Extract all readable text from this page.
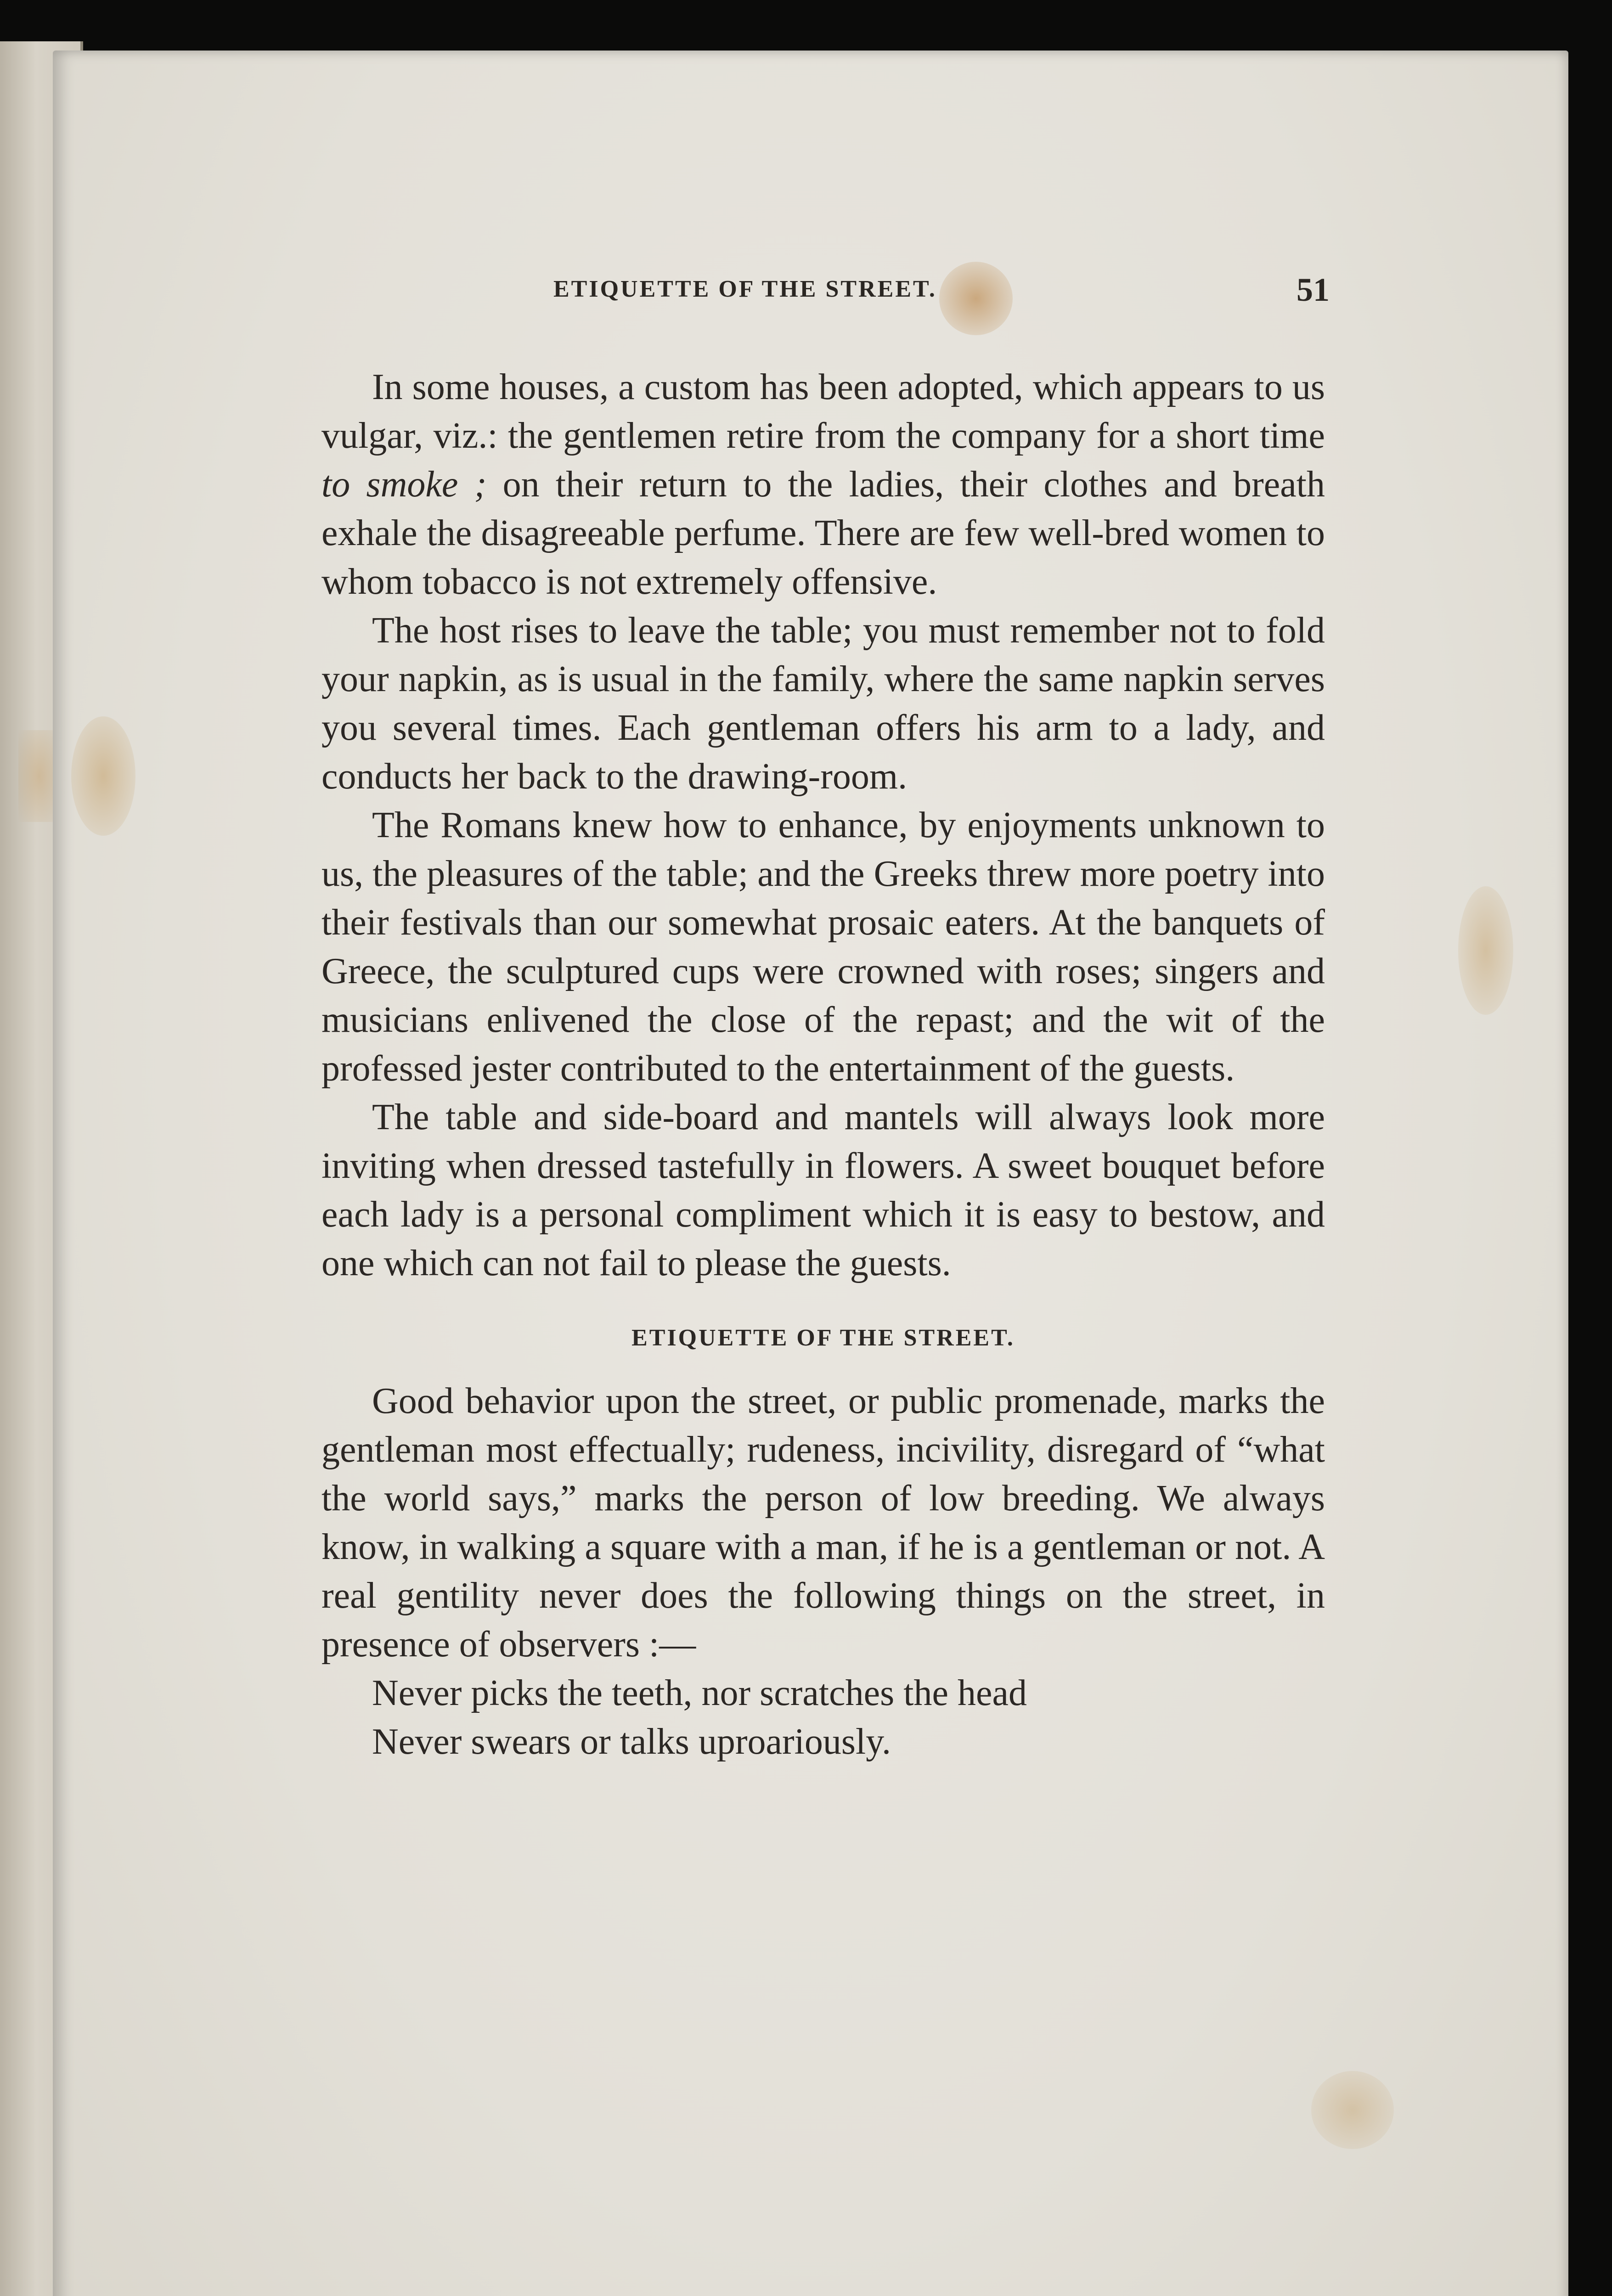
ETIQUETTE OF THE STREET.	51

In some houses, a custom has been adopted, which appears to us vulgar, viz.: the gentlemen retire from the company for a short time to smoke ; on their return to the ladies, their clothes and breath exhale the disagreeable perfume. There are few well-bred women to whom tobacco is not extremely offensive.

The host rises to leave the table; you must remember not to fold your napkin, as is usual in the family, where the same napkin serves you several times. Each gentleman offers his arm to a lady, and conducts her back to the drawing-room.

The Romans knew how to enhance, by enjoyments unknown to us, the pleasures of the table; and the Greeks threw more poetry into their festivals than our somewhat prosaic eaters. At the banquets of Greece, the sculptured cups were crowned with roses; singers and musicians enlivened the close of the repast; and the wit of the professed jester contributed to the entertainment of the guests.

The table and side-board and mantels will always look more inviting when dressed tastefully in flowers. A sweet bouquet before each lady is a personal compliment which it is easy to bestow, and one which can not fail to please the guests.

ETIQUETTE OF THE STREET.

Good behavior upon the street, or public promenade, marks the gentleman most effectually; rudeness, incivility, disregard of “what the world says,” marks the person of low breeding. We always know, in walking a square with a man, if he is a gentleman or not. A real gentility never does the following things on the street, in presence of observers :—

Never picks the teeth, nor scratches the head

Never swears or talks uproariously.
